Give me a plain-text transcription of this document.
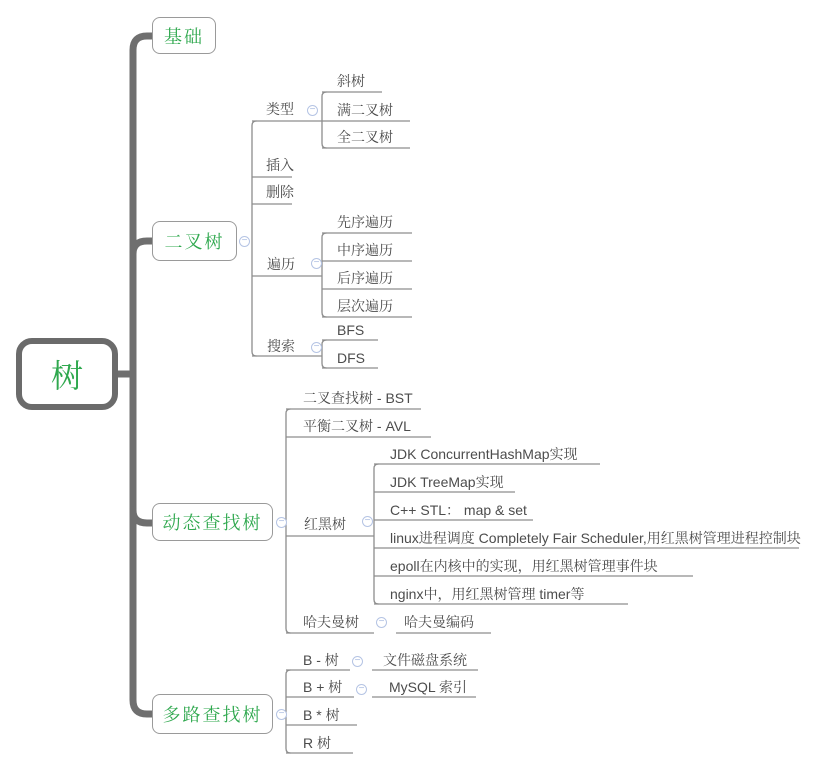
树
基础
二叉树
动态查找树
多路查找树
类型
插入
删除
遍历
搜索
斜树
满二叉树
全二叉树
先序遍历
中序遍历
后序遍历
层次遍历
BFS
DFS
二叉查找树 - BST
平衡二叉树 - AVL
红黑树
哈夫曼树	哈夫曼编码
JDK ConcurrentHashMap实现
JDK TreeMap实现
C++ STL： map & set
linux进程调度 Completely Fair Scheduler,用红黑树管理进程控制块
epoll在内核中的实现，用红黑树管理事件块
nginx中，用红黑树管理 timer等
B - 树	文件磁盘系统
B + 树	MySQL 索引
B * 树
R 树
−
−
−
−
−	−
−
−
−
−
